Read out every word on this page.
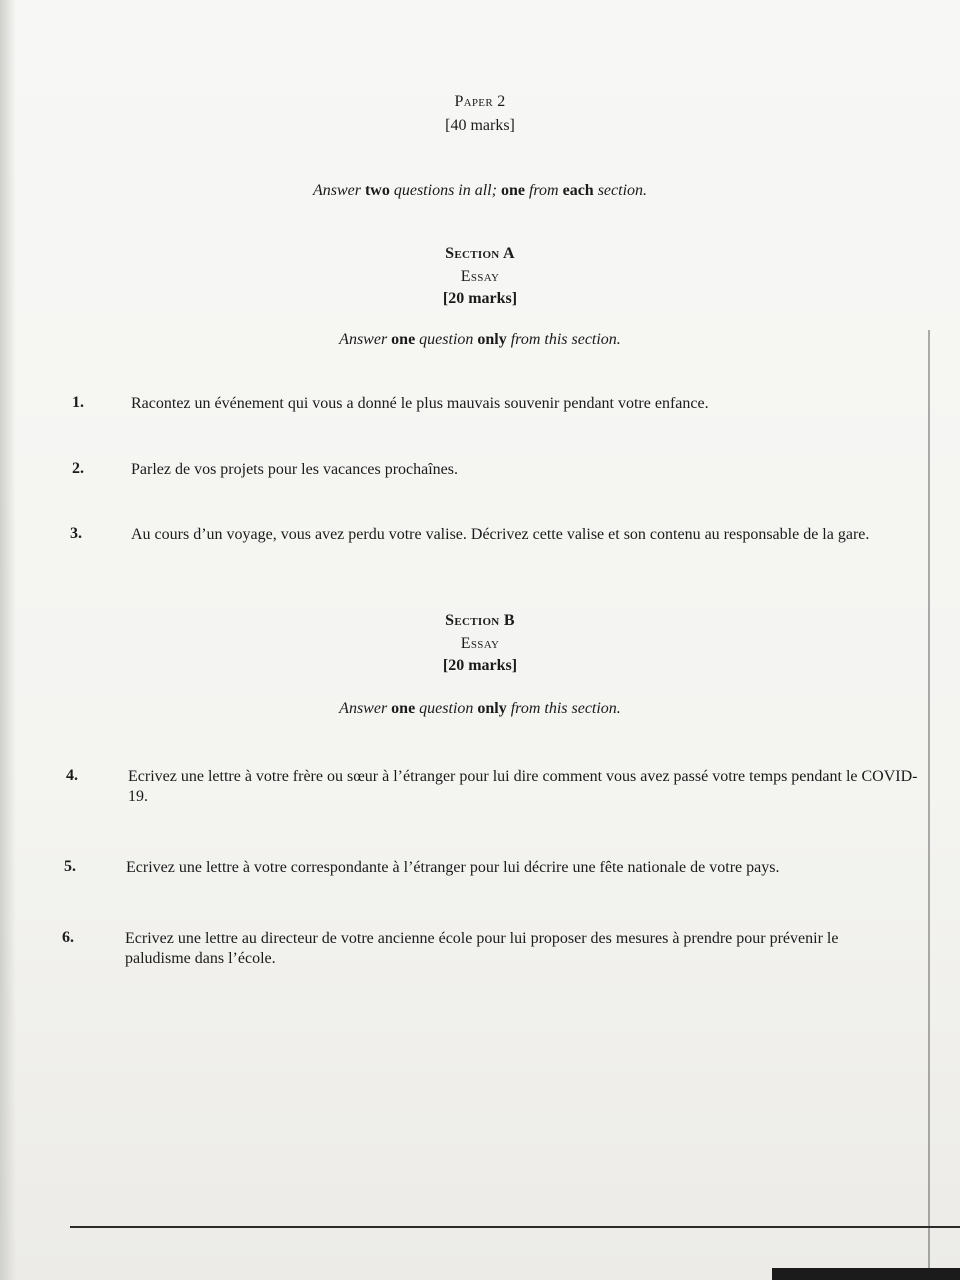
Paper 2
[40 marks]
Answer two questions in all; one from each section.
Section A
Essay
[20 marks]
Answer one question only from this section.
1.	Racontez un événement qui vous a donné le plus mauvais souvenir pendant votre enfance.
2.	Parlez de vos projets pour les vacances prochaînes.
3.	Au cours d’un voyage, vous avez perdu votre valise. Décrivez cette valise et son contenu au responsable de la gare.
Section B
Essay
[20 marks]
Answer one question only from this section.
4.	Ecrivez une lettre à votre frère ou sœur à l’étranger pour lui dire comment vous avez passé votre temps pendant le COVID-19.
5.	Ecrivez une lettre à votre correspondante à l’étranger pour lui décrire une fête nationale de votre pays.
6.	Ecrivez une lettre au directeur de votre ancienne école pour lui proposer des mesures à prendre pour prévenir le paludisme dans l’école.
